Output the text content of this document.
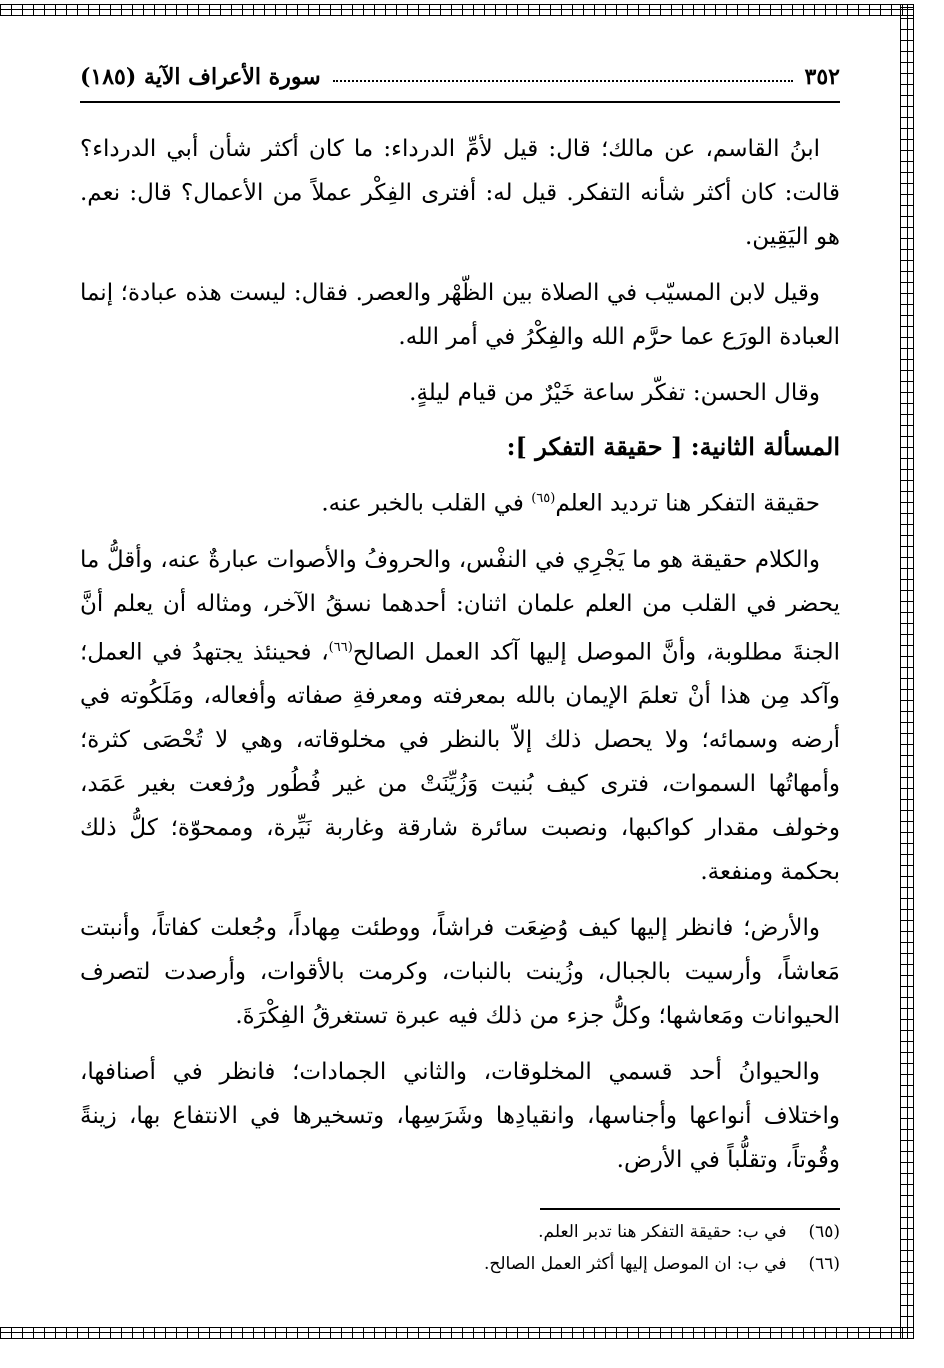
٣٥٢
سورة الأعراف الآية (١٨٥)

ابنُ القاسم، عن مالك؛ قال: قيل لأمِّ الدرداء: ما كان أكثر شأن أبي الدرداء؟ قالت: كان أكثر شأنه التفكر. قيل له: أفترى الفِكْر عملاً من الأعمال؟ قال: نعم. هو اليَقِين.

وقيل لابن المسيّب في الصلاة بين الظّهْر والعصر. فقال: ليست هذه عبادة؛ إنما العبادة الورَع عما حرَّم الله والفِكْرُ في أمر الله.

وقال الحسن: تفكّر ساعة خَيْرٌ من قيام ليلةٍ.

المسألة الثانية: [ حقيقة التفكر ]:

حقيقة التفكر هنا ترديد العلم$^{(٦٥)}$ في القلب بالخبر عنه.

والكلام حقيقة هو ما يَجْرِي في النفْس، والحروفُ والأصوات عبارةٌ عنه، وأقلُّ ما يحضر في القلب من العلم علمان اثنان: أحدهما نسقُ الآخر، ومثاله أن يعلم أنَّ الجنةَ مطلوبة، وأنَّ الموصل إليها آكد العمل الصالح$^{(٦٦)}$، فحينئذ يجتهدُ في العمل؛ وآكد مِن هذا أنْ تعلمَ الإيمان بالله بمعرفته ومعرفةِ صفاته وأفعاله، ومَلَكُوته في أرضه وسمائه؛ ولا يحصل ذلك إلاّ بالنظر في مخلوقاته، وهي لا تُحْصَى كثرة؛ وأمهاتُها السموات، فترى كيف بُنيت وَزُيِّنَتْ من غير فُطُور ورُفعت بغير عَمَد، وخولف مقدار كواكبها، ونصبت سائرة شارقة وغاربة نَيِّرة، وممحوّة؛ كلُّ ذلك بحكمة ومنفعة.

والأرض؛ فانظر إليها كيف وُضِعَت فراشاً، ووطئت مِهاداً، وجُعلت كفاتاً، وأنبتت مَعاشاً، وأرسيت بالجبال، وزُينت بالنبات، وكرمت بالأقوات، وأرصدت لتصرف الحيوانات ومَعاشها؛ وكلُّ جزء من ذلك فيه عبرة تستغرقُ الفِكْرَةَ.

والحيوانُ أحد قسمي المخلوقات، والثاني الجمادات؛ فانظر في أصنافها، واختلاف أنواعها وأجناسها، وانقيادِها وشَرَسِها، وتسخيرها في الانتفاع بها، زينةً وقُوتاً، وتقلُّباً في الأرض.

(٦٥)
في ب: حقيقة التفكر هنا تدبر العلم.
(٦٦)
في ب: ان الموصل إليها أكثر العمل الصالح.
